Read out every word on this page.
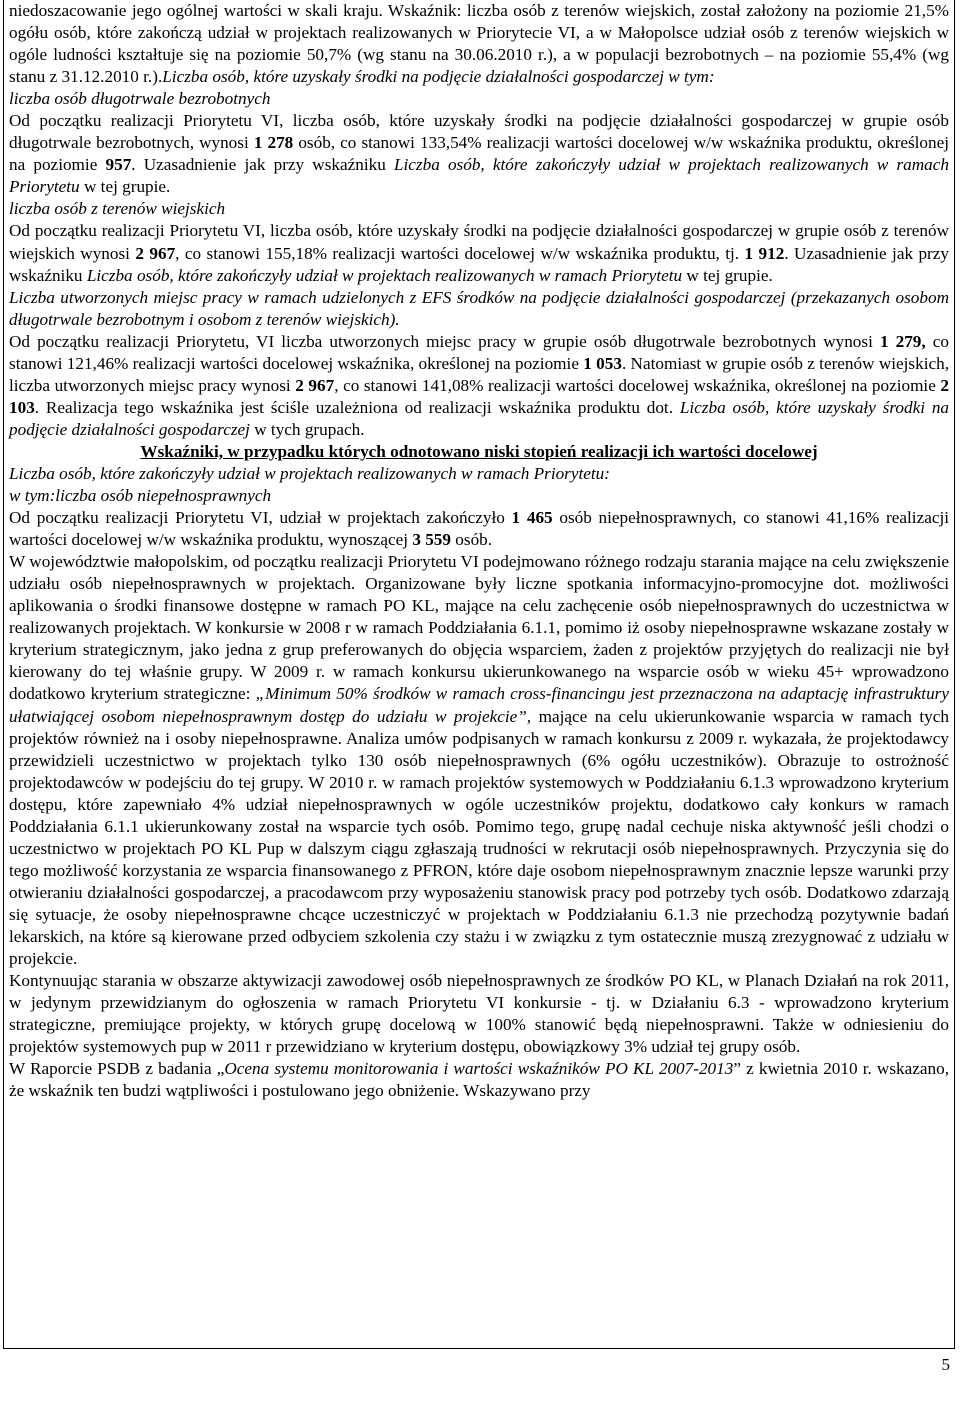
niedoszacowanie jego ogólnej wartości w skali kraju. Wskaźnik: liczba osób z terenów wiejskich, został założony na poziomie 21,5% ogółu osób, które zakończą udział w projektach realizowanych w Priorytecie VI, a w Małopolsce udział osób z terenów wiejskich w ogóle ludności kształtuje się na poziomie 50,7% (wg stanu na 30.06.2010 r.), a w populacji bezrobotnych – na poziomie 55,4% (wg stanu z 31.12.2010 r.).Liczba osób, które uzyskały środki na podjęcie działalności gospodarczej w tym:

liczba osób długotrwale bezrobotnych

Od początku realizacji Priorytetu VI, liczba osób, które uzyskały środki na podjęcie działalności gospodarczej w grupie osób długotrwale bezrobotnych, wynosi 1 278 osób, co stanowi 133,54% realizacji wartości docelowej w/w wskaźnika produktu, określonej na poziomie 957. Uzasadnienie jak przy wskaźniku Liczba osób, które zakończyły udział w projektach realizowanych w ramach Priorytetu w tej grupie.

liczba osób z terenów wiejskich

Od początku realizacji Priorytetu VI, liczba osób, które uzyskały środki na podjęcie działalności gospodarczej w grupie osób z terenów wiejskich wynosi 2 967, co stanowi 155,18% realizacji wartości docelowej w/w wskaźnika produktu, tj. 1 912. Uzasadnienie jak przy wskaźniku Liczba osób, które zakończyły udział w projektach realizowanych w ramach Priorytetu w tej grupie.

Liczba utworzonych miejsc pracy w ramach udzielonych z EFS środków na podjęcie działalności gospodarczej (przekazanych osobom długotrwale bezrobotnym i osobom z terenów wiejskich).

Od początku realizacji Priorytetu, VI liczba utworzonych miejsc pracy w grupie osób długotrwale bezrobotnych wynosi 1 279, co stanowi 121,46% realizacji wartości docelowej wskaźnika, określonej na poziomie 1 053. Natomiast w grupie osób z terenów wiejskich, liczba utworzonych miejsc pracy wynosi 2 967, co stanowi 141,08% realizacji wartości docelowej wskaźnika, określonej na poziomie 2 103. Realizacja tego wskaźnika jest ściśle uzależniona od realizacji wskaźnika produktu dot. Liczba osób, które uzyskały środki na podjęcie działalności gospodarczej w tych grupach.

Wskaźniki, w przypadku których odnotowano niski stopień realizacji ich wartości docelowej

Liczba osób, które zakończyły udział w projektach realizowanych w ramach Priorytetu:

w tym:liczba osób niepełnosprawnych

Od początku realizacji Priorytetu VI, udział w projektach zakończyło 1 465 osób niepełnosprawnych, co stanowi 41,16% realizacji wartości docelowej w/w wskaźnika produktu, wynoszącej 3 559 osób.

W województwie małopolskim, od początku realizacji Priorytetu VI podejmowano różnego rodzaju starania mające na celu zwiększenie udziału osób niepełnosprawnych w projektach. Organizowane były liczne spotkania informacyjno-promocyjne dot. możliwości aplikowania o środki finansowe dostępne w ramach PO KL, mające na celu zachęcenie osób niepełnosprawnych do uczestnictwa w realizowanych projektach. W konkursie w 2008 r w ramach Poddziałania 6.1.1, pomimo iż osoby niepełnosprawne wskazane zostały w kryterium strategicznym, jako jedna z grup preferowanych do objęcia wsparciem, żaden z projektów przyjętych do realizacji nie był kierowany do tej właśnie grupy. W 2009 r. w ramach konkursu ukierunkowanego na wsparcie osób w wieku 45+ wprowadzono dodatkowo kryterium strategiczne: „Minimum 50% środków w ramach cross-financingu jest przeznaczona na adaptację infrastruktury ułatwiającej osobom niepełnosprawnym dostęp do udziału w projekcie”, mające na celu ukierunkowanie wsparcia w ramach tych projektów również na i osoby niepełnosprawne. Analiza umów podpisanych w ramach konkursu z 2009 r. wykazała, że projektodawcy przewidzieli uczestnictwo w projektach tylko 130 osób niepełnosprawnych (6% ogółu uczestników). Obrazuje to ostrożność projektodawców w podejściu do tej grupy. W 2010 r. w ramach projektów systemowych w Poddziałaniu 6.1.3 wprowadzono kryterium dostępu, które zapewniało 4% udział niepełnosprawnych w ogóle uczestników projektu, dodatkowo cały konkurs w ramach Poddziałania 6.1.1 ukierunkowany został na wsparcie tych osób. Pomimo tego, grupę nadal cechuje niska aktywność jeśli chodzi o uczestnictwo w projektach PO KL Pup w dalszym ciągu zgłaszają trudności w rekrutacji osób niepełnosprawnych. Przyczynia się do tego możliwość korzystania ze wsparcia finansowanego z PFRON, które daje osobom niepełnosprawnym znacznie lepsze warunki przy otwieraniu działalności gospodarczej, a pracodawcom przy wyposażeniu stanowisk pracy pod potrzeby tych osób. Dodatkowo zdarzają się sytuacje, że osoby niepełnosprawne chcące uczestniczyć w projektach w Poddziałaniu 6.1.3 nie przechodzą pozytywnie badań lekarskich, na które są kierowane przed odbyciem szkolenia czy stażu i w związku z tym ostatecznie muszą zrezygnować z udziału w projekcie.

Kontynuując starania w obszarze aktywizacji zawodowej osób niepełnosprawnych ze środków PO KL, w Planach Działań na rok 2011, w jedynym przewidzianym do ogłoszenia w ramach Priorytetu VI konkursie - tj. w Działaniu 6.3 - wprowadzono kryterium strategiczne, premiujące projekty, w których grupę docelową w 100% stanowić będą niepełnosprawni. Także w odniesieniu do projektów systemowych pup w 2011 r przewidziano w kryterium dostępu, obowiązkowy 3% udział tej grupy osób.

W Raporcie PSDB z badania „Ocena systemu monitorowania i wartości wskaźników PO KL 2007-2013” z kwietnia 2010 r. wskazano, że wskaźnik ten budzi wątpliwości i postulowano jego obniżenie. Wskazywano przy

5
